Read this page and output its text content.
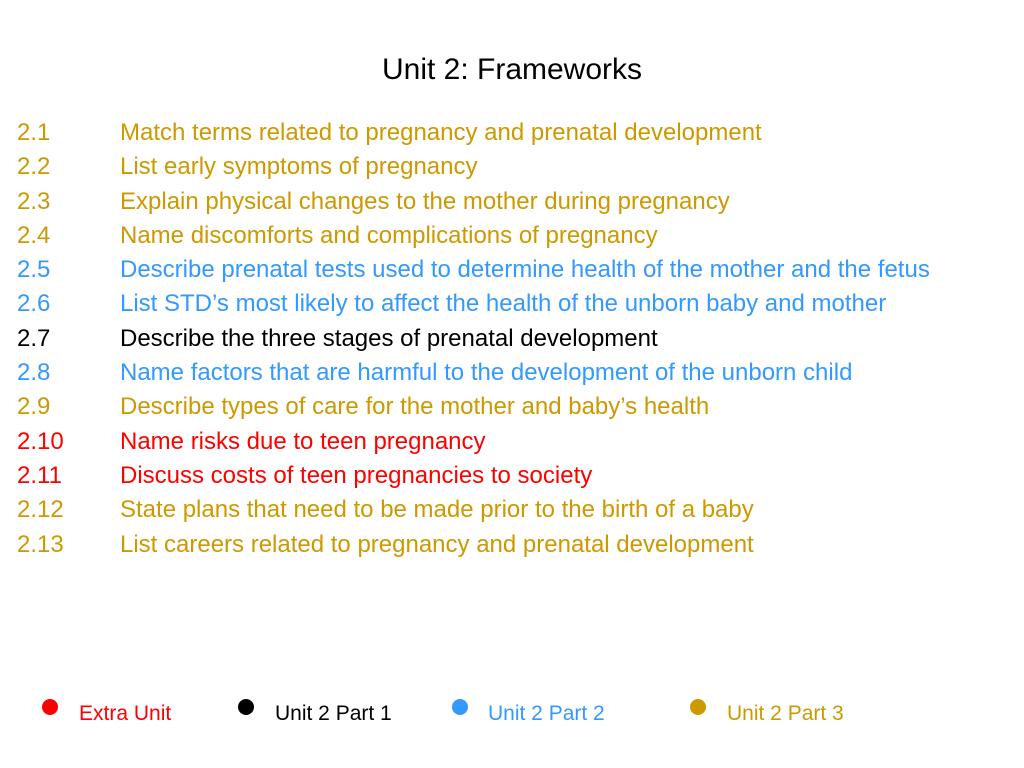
Unit 2: Frameworks
2.1	Match terms related to pregnancy and prenatal development
2.2	List early symptoms of pregnancy
2.3	Explain physical changes to the mother during pregnancy
2.4	Name discomforts and complications of pregnancy
2.5	Describe prenatal tests used to determine health of the mother and the fetus
2.6	List STD’s most likely to affect the health of the unborn baby and mother
2.7	Describe the three stages of prenatal development
2.8	Name factors that are harmful to the development of the unborn child
2.9	Describe types of care for the mother and baby’s health
2.10	Name risks due to teen pregnancy
2.11	Discuss costs of teen pregnancies to society
2.12	State plans that need to be made prior to the birth of a baby
2.13	List careers related to pregnancy and prenatal development
Extra Unit	Unit 2 Part 1	Unit 2 Part 2	Unit 2 Part 3
